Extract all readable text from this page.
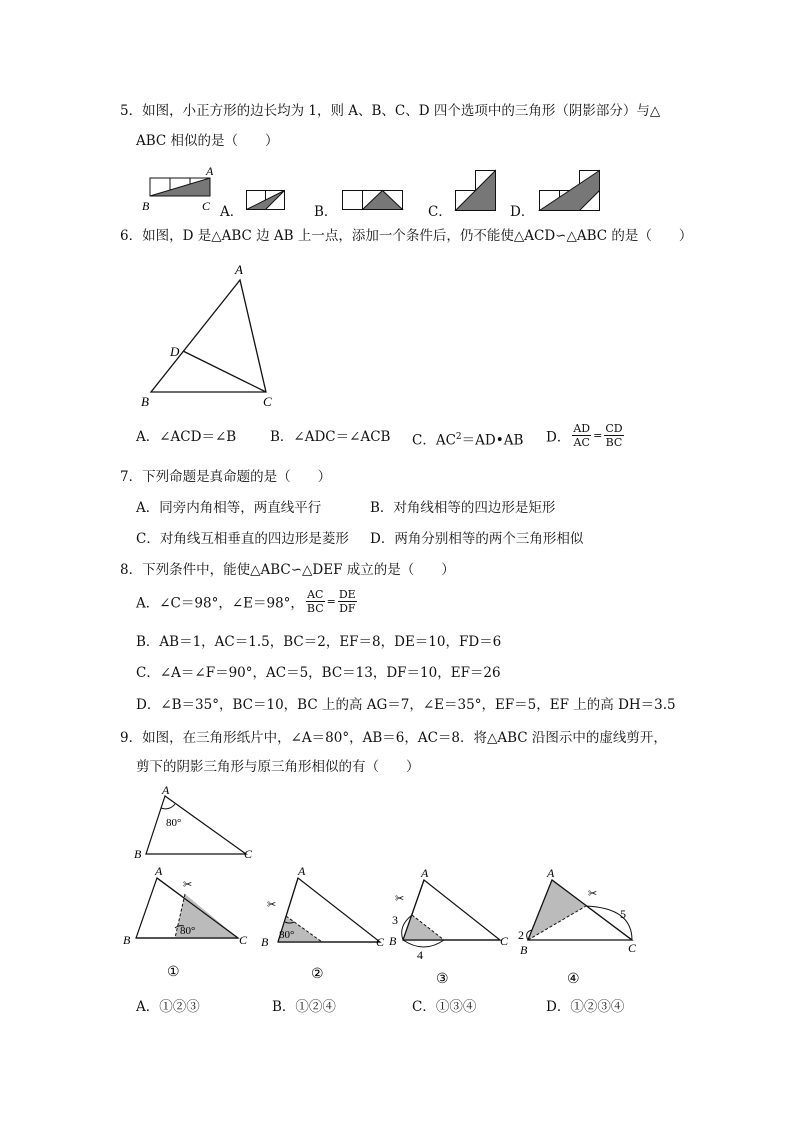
5．如图，小正方形的边长均为 1，则 A、B、C、D 四个选项中的三角形（阴影部分）与△
ABC 相似的是（　　）
A
B	C A．	B．	C．	D．
6．如图，D 是△ABC 边 AB 上一点，添加一个条件后，仍不能使△ACD∽△ABC 的是（　　）
A
D
B	C
A．∠ACD＝∠B	B．∠ADC＝∠ACB C．$AC^2=AD•AB$ D． $\frac{AD}{AC} = \frac{CD}{BC}$
7．下列命题是真命题的是（　　）
A．同旁内角相等，两直线平行	B．对角线相等的四边形是矩形
C．对角线互相垂直的四边形是菱形 D．两角分别相等的两个三角形相似
8．下列条件中，能使△ABC∽△DEF 成立的是（　　）
A．∠C＝98°，∠E＝98°， $\frac{AC}{BC} = \frac{DE}{DF}$
B．AB＝1，AC＝1.5，BC＝2，EF＝8，DE＝10，FD＝6
C．∠A＝∠F＝90°，AC＝5，BC＝13，DF＝10，EF＝26
D．∠B＝35°，BC＝10，BC 上的高 AG＝7，∠E＝35°，EF＝5，EF 上的高 DH＝3.5
9．如图，在三角形纸片中，∠A＝80°，AB＝6，AC＝8．将△ABC 沿图示中的虚线剪开，
剪下的阴影三角形与原三角形相似的有（　　）
A
80°
B	C
✂
A
B	C
80°
①
✂
A
B	C
80°
②
✂
A
B	C
3
4
③
✂
A
B	C
2
5
④
A．①②③	B．①②④	C．①③④	D．①②③④
